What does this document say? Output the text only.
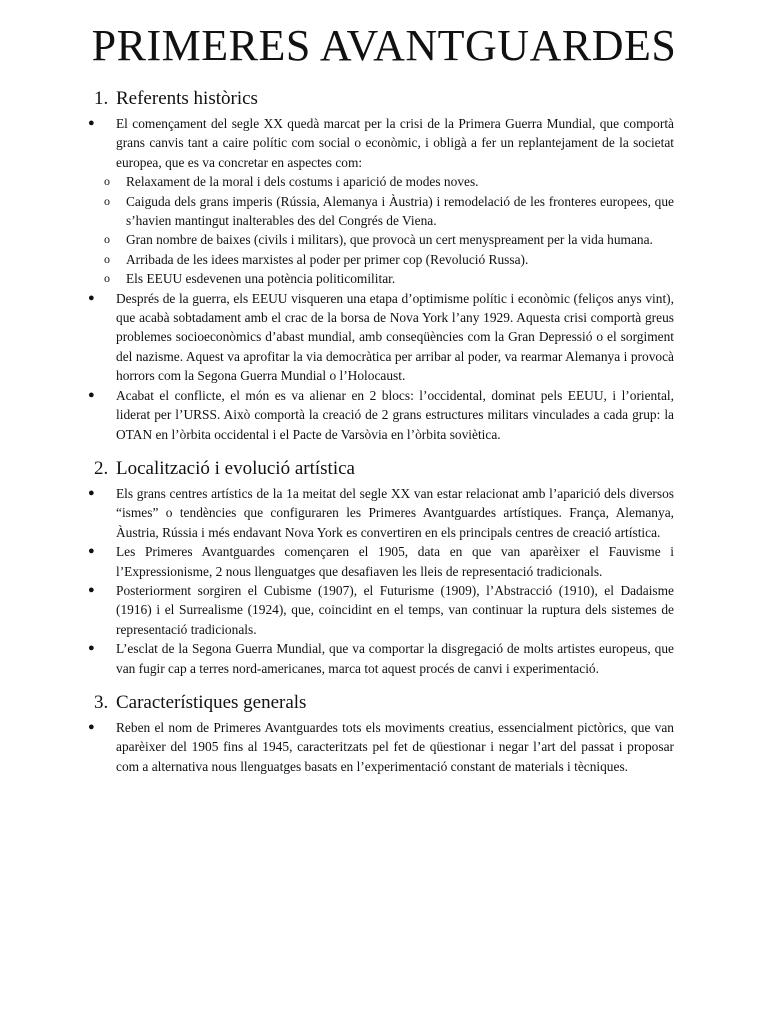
PRIMERES AVANTGUARDES
1. Referents històrics
●	El començament del segle XX quedà marcat per la crisi de la Primera Guerra Mundial, que comportà grans canvis tant a caire polític com social o econòmic, i obligà a fer un replantejament de la societat europea, que es va concretar en aspectes com:
o Relaxament de la moral i dels costums i aparició de modes noves.
o Caiguda dels grans imperis (Rússia, Alemanya i Àustria) i remodelació de les fronteres europees, que s’havien mantingut inalterables des del Congrés de Viena.
o Gran nombre de baixes (civils i militars), que provocà un cert menyspreament per la vida humana.
o Arribada de les idees marxistes al poder per primer cop (Revolució Russa).
o Els EEUU esdevenen una potència politicomilitar.
●	Després de la guerra, els EEUU visqueren una etapa d’optimisme polític i econòmic (feliços anys vint), que acabà sobtadament amb el crac de la borsa de Nova York l’any 1929. Aquesta crisi comportà greus problemes socioeconòmics d’abast mundial, amb conseqüències com la Gran Depressió o el sorgiment del nazisme. Aquest va aprofitar la via democràtica per arribar al poder, va rearmar Alemanya i provocà horrors com la Segona Guerra Mundial o l’Holocaust.
●	Acabat el conflicte, el món es va alienar en 2 blocs: l’occidental, dominat pels EEUU, i l’oriental, liderat per l’URSS. Això comportà la creació de 2 grans estructures militars vinculades a cada grup: la OTAN en l’òrbita occidental i el Pacte de Varsòvia en l’òrbita soviètica.
2. Localització i evolució artística
●	Els grans centres artístics de la 1a meitat del segle XX van estar relacionat amb l’aparició dels diversos “ismes” o tendències que configuraren les Primeres Avantguardes artístiques. França, Alemanya, Àustria, Rússia i més endavant Nova York es convertiren en els principals centres de creació artística.
●	Les Primeres Avantguardes començaren el 1905, data en que van aparèixer el Fauvisme i l’Expressionisme, 2 nous llenguatges que desafiaven les lleis de representació tradicionals.
●	Posteriorment sorgiren el Cubisme (1907), el Futurisme (1909), l’Abstracció (1910), el Dadaisme (1916) i el Surrealisme (1924), que, coincidint en el temps, van continuar la ruptura dels sistemes de representació tradicionals.
●	L’esclat de la Segona Guerra Mundial, que va comportar la disgregació de molts artistes europeus, que van fugir cap a terres nord-americanes, marca tot aquest procés de canvi i experimentació.
3. Característiques generals
●	Reben el nom de Primeres Avantguardes tots els moviments creatius, essencialment pictòrics, que van aparèixer del 1905 fins al 1945, caracteritzats pel fet de qüestionar i negar l’art del passat i proposar com a alternativa nous llenguatges basats en l’experimentació constant de materials i tècniques.
